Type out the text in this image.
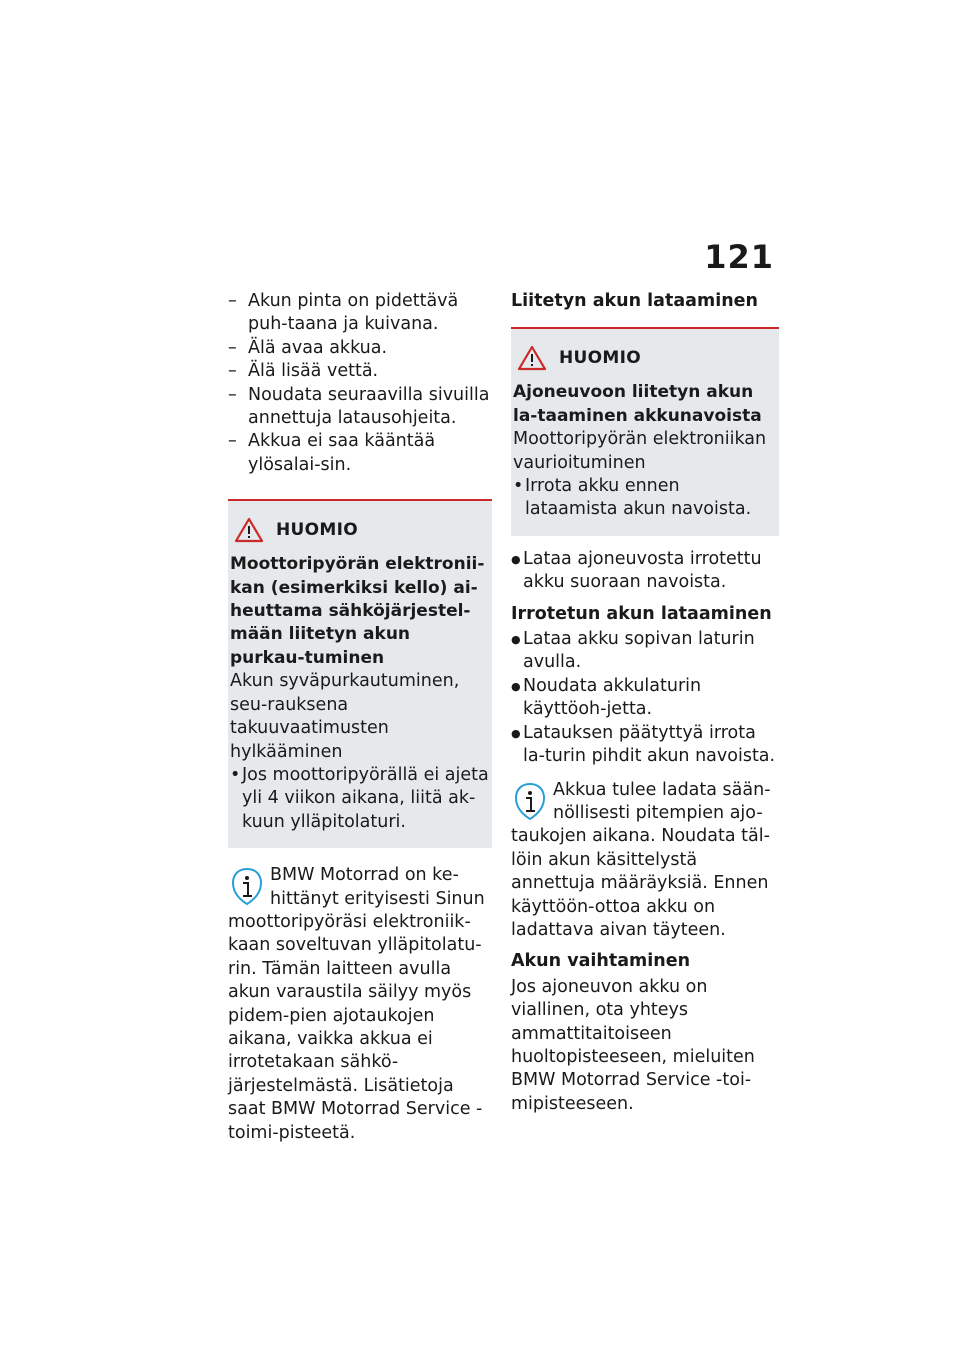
121
– Akun pinta on pidettävä puh-taana ja kuivana.
– Älä avaa akkua.
– Älä lisää vettä.
– Noudata seuraavilla sivuilla annettuja latausohjeita.
– Akkua ei saa kääntää ylösalai-sin.
HUOMIO

Moottoripyörän elektronii-kan (esimerkiksi kello) ai-heuttama sähköjärjestel-mään liitetyn akun purkau-tuminen

Akun syväpurkautuminen, seu-rauksena takuuvaatimusten hylkääminen

• Jos moottoripyörällä ei ajeta yli 4 viikon aikana, liitä ak-kuun ylläpitolaturi.

BMW Motorrad on ke-hittänyt erityisesti Sinun moottoripyöräsi elektroniik-kaan soveltuvan ylläpitolatu-rin. Tämän laitteen avulla akun varaustila säilyy myös pidem-pien ajotaukojen aikana, vaikka akkua ei irrotetakaan sähkö-järjestelmästä. Lisätietoja saat BMW Motorrad Service -toimi-pisteetä.

Liitetyn akun lataaminen

HUOMIO

Ajoneuvoon liitetyn akun la-taaminen akkunavoista

Moottoripyörän elektroniikan vaurioituminen

• Irrota akku ennen lataamista akun navoista.
● Lataa ajoneuvosta irrotettu akku suoraan navoista.

Irrotetun akun lataaminen

● Lataa akku sopivan laturin avulla.
● Noudata akkulaturin käyttöoh-jetta.
● Latauksen päätyttyä irrota la-turin pihdit akun navoista.

Akkua tulee ladata sään-nöllisesti pitempien ajo-taukojen aikana. Noudata täl-löin akun käsittelystä annettuja määräyksiä. Ennen käyttöön-ottoa akku on ladattava aivan täyteen.

Akun vaihtaminen

Jos ajoneuvon akku on viallinen, ota yhteys ammattitaitoiseen huoltopisteeseen, mieluiten BMW Motorrad Service -toi-mipisteeseen.
